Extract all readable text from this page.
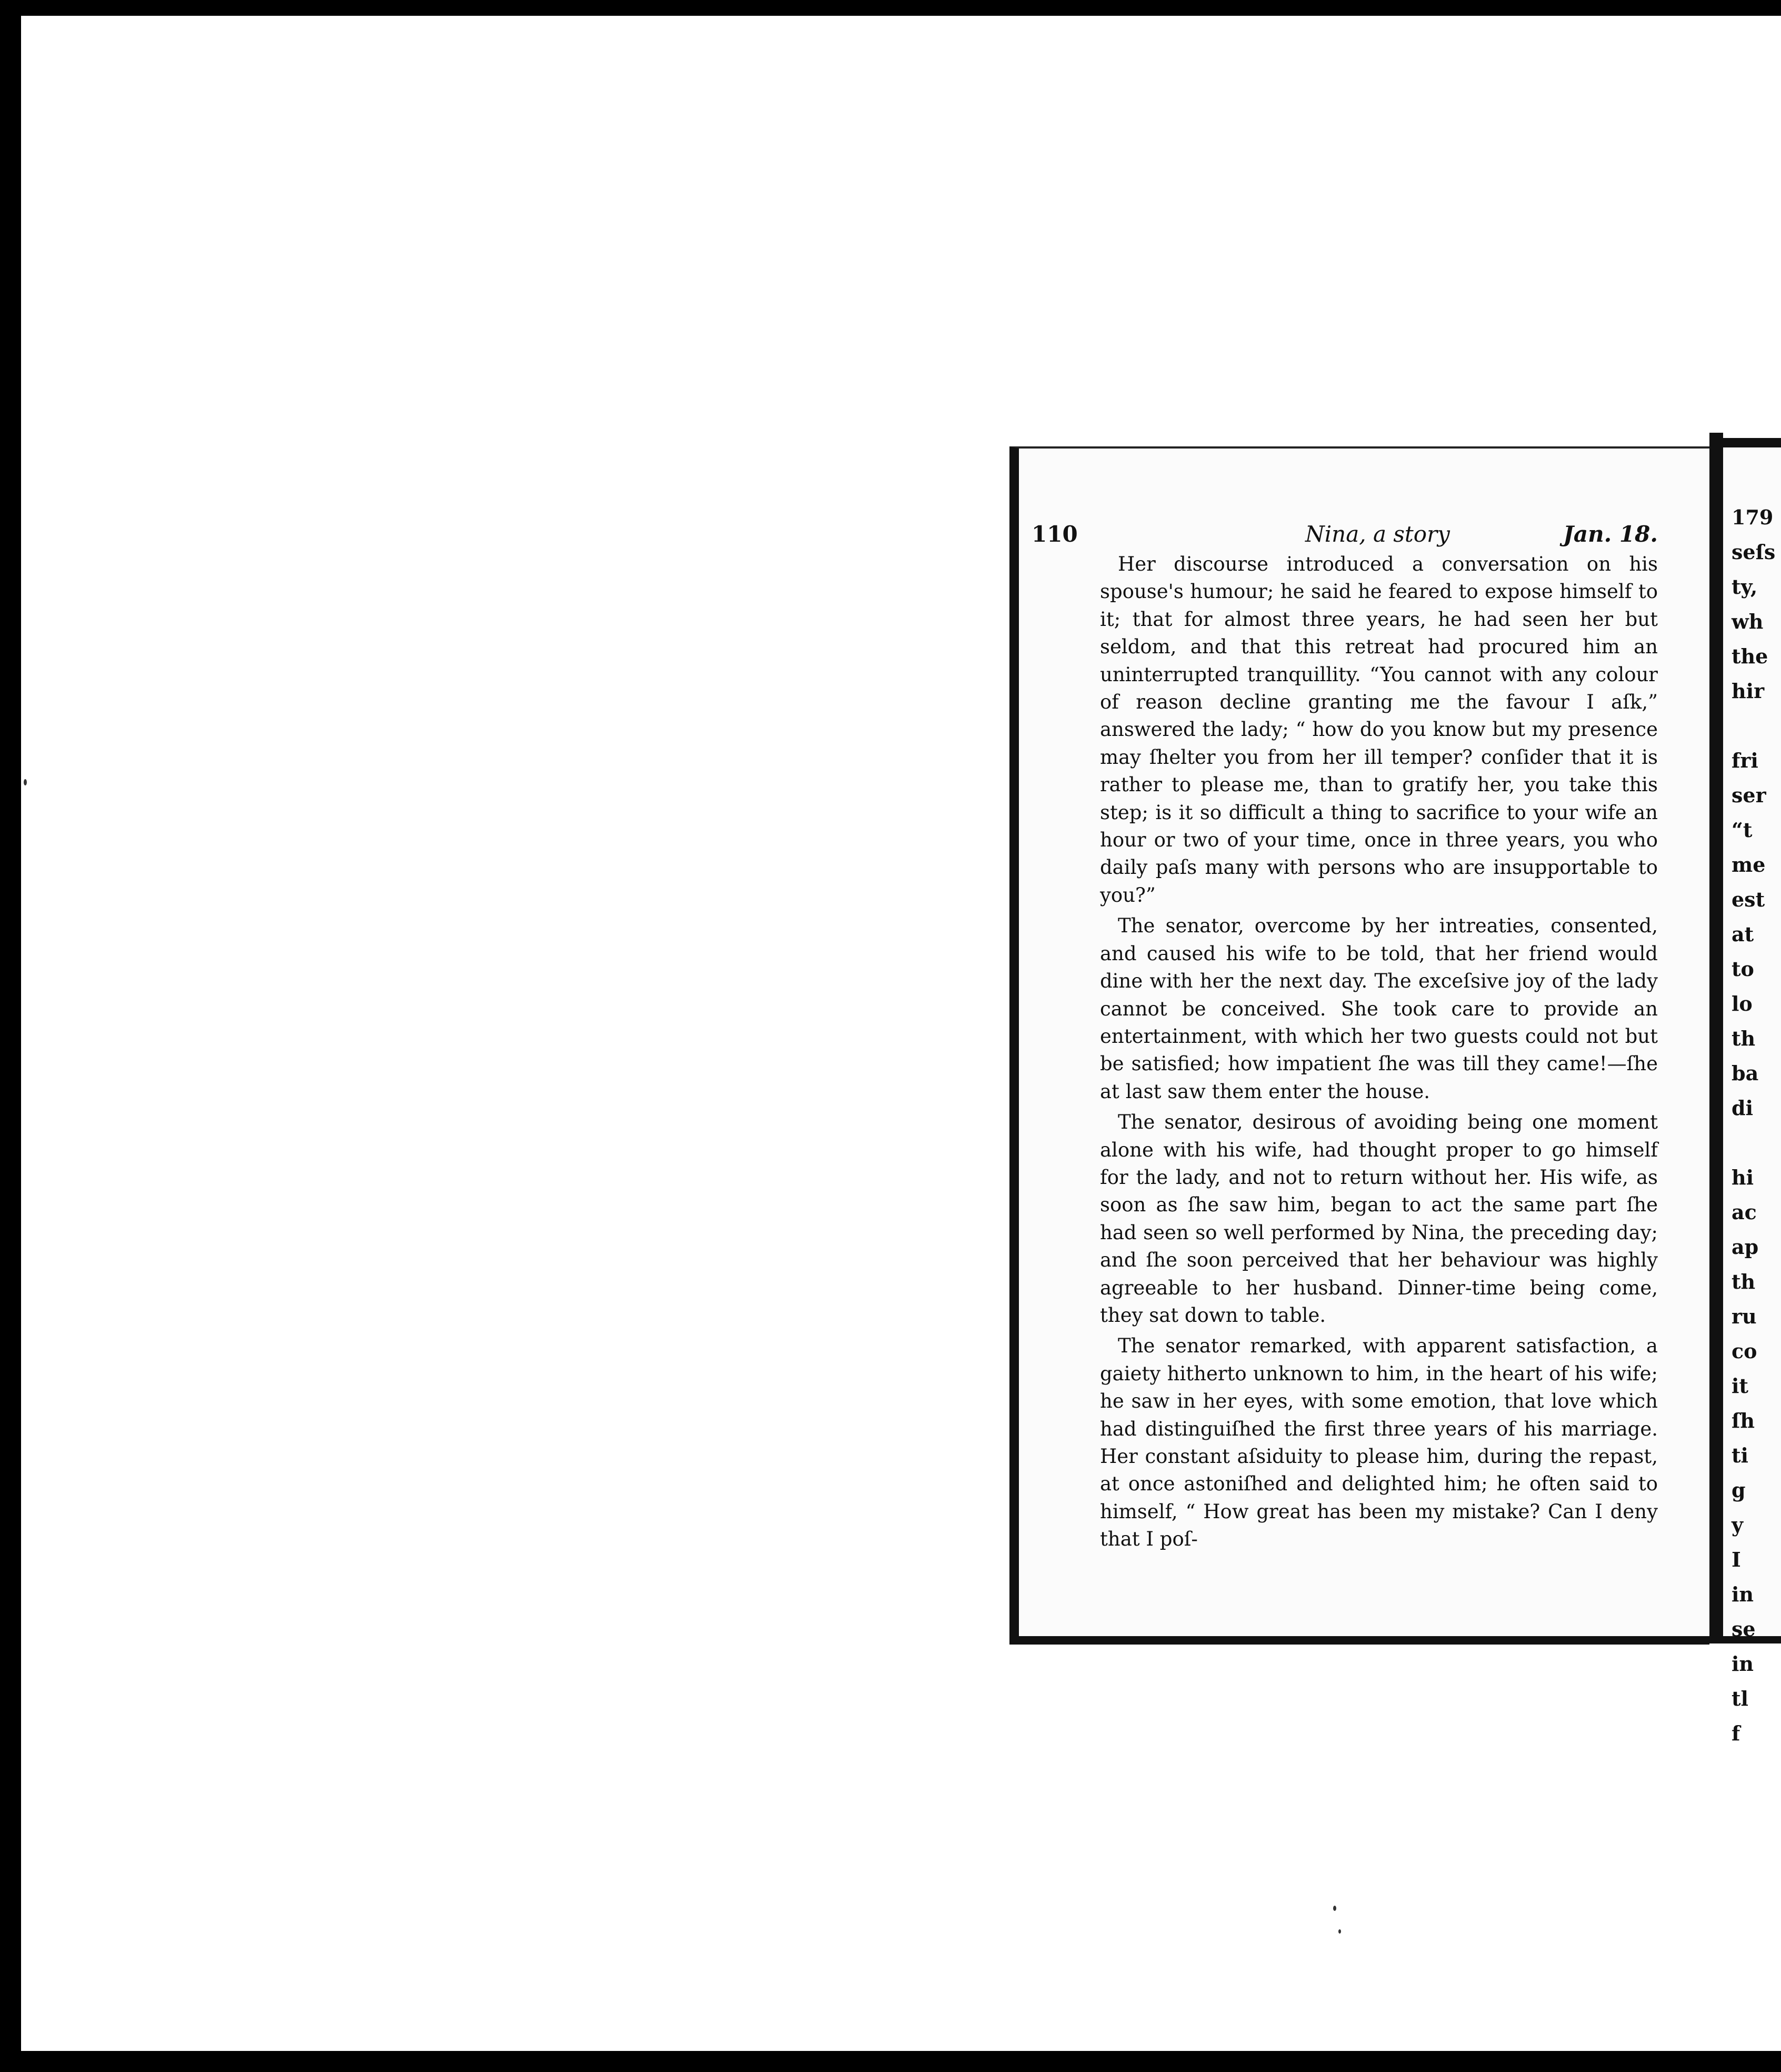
110	Nina, a story	Jan. 18.

Her discourse introduced a conversation on his spouse's humour; he said he feared to expose himself to it; that for almost three years, he had seen her but seldom, and that this retreat had procured him an uninterrupted tranquillity. “You cannot with any colour of reason decline granting me the favour I aſk,” answered the lady; “ how do you know but my presence may ſhelter you from her ill temper? conſider that it is rather to please me, than to gratify her, you take this step; is it so difficult a thing to sacrifice to your wife an hour or two of your time, once in three years, you who daily paſs many with persons who are insupportable to you?”

The senator, overcome by her intreaties, consented, and caused his wife to be told, that her friend would dine with her the next day. The exceſsive joy of the lady cannot be conceived. She took care to provide an entertainment, with which her two guests could not but be satisfied; how impatient ſhe was till they came!—ſhe at last saw them enter the house.

The senator, desirous of avoiding being one moment alone with his wife, had thought proper to go himself for the lady, and not to return without her. His wife, as soon as ſhe saw him, began to act the same part ſhe had seen so well performed by Nina, the preceding day; and ſhe soon perceived that her behaviour was highly agreeable to her husband. Dinner-time being come, they sat down to table.

The senator remarked, with apparent satisfaction, a gaiety hitherto unknown to him, in the heart of his wife; he saw in her eyes, with some emotion, that love which had distinguiſhed the first three years of his marriage. Her constant aſsiduity to please him, during the repast, at once astoniſhed and delighted him; he often said to himself, “ How great has been my mistake? Can I deny that I poſ-

179
seſs
ty,
wh
the
hir

fri
ser
“t
me
est
at
to
lo
th
ba
di

hi
ac
ap
th
ru
co
it
ſh
ti
g
y
I
in
se
in
tl
f
